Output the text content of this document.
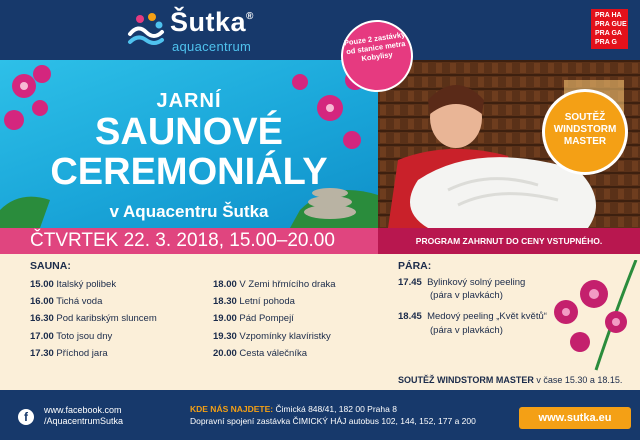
Šutka®
aquacentrum
PRA HA
PRA GUE
PRA GA
PRA G
JARNÍ
SAUNOVÉ
CEREMONIÁLY
v Aquacentru Šutka
Pouze 2 zastávky od stanice metra Kobylisy
SOUTĚŽ WINDSTORM MASTER
ČTVRTEK 22. 3. 2018, 15.00–20.00	PROGRAM ZAHRNUT DO CENY VSTUPNÉHO.
SAUNA:
15.00 Italský polibek
16.00 Tichá voda
16.30 Pod karibským sluncem
17.00 Toto jsou dny
17.30 Příchod jara
18.00 V Zemi hřmícího draka
18.30 Letní pohoda
19.00 Pád Pompejí
19.30 Vzpomínky klavíristky
20.00 Cesta válečníka
PÁRA:
17.45 Bylinkový solný peeling
(pára v plavkách)
18.45 Medový peeling „Květ květů“
(pára v plavkách)
SOUTĚŽ WINDSTORM MASTER v čase 15.30 a 18.15.
f	www.facebook.com
/AquacentrumSutka
KDE NÁS NAJDETE: Čimická 848/41, 182 00 Praha 8
Dopravní spojení zastávka ČIMICKÝ HÁJ autobus 102, 144, 152, 177 a 200	www.sutka.eu
